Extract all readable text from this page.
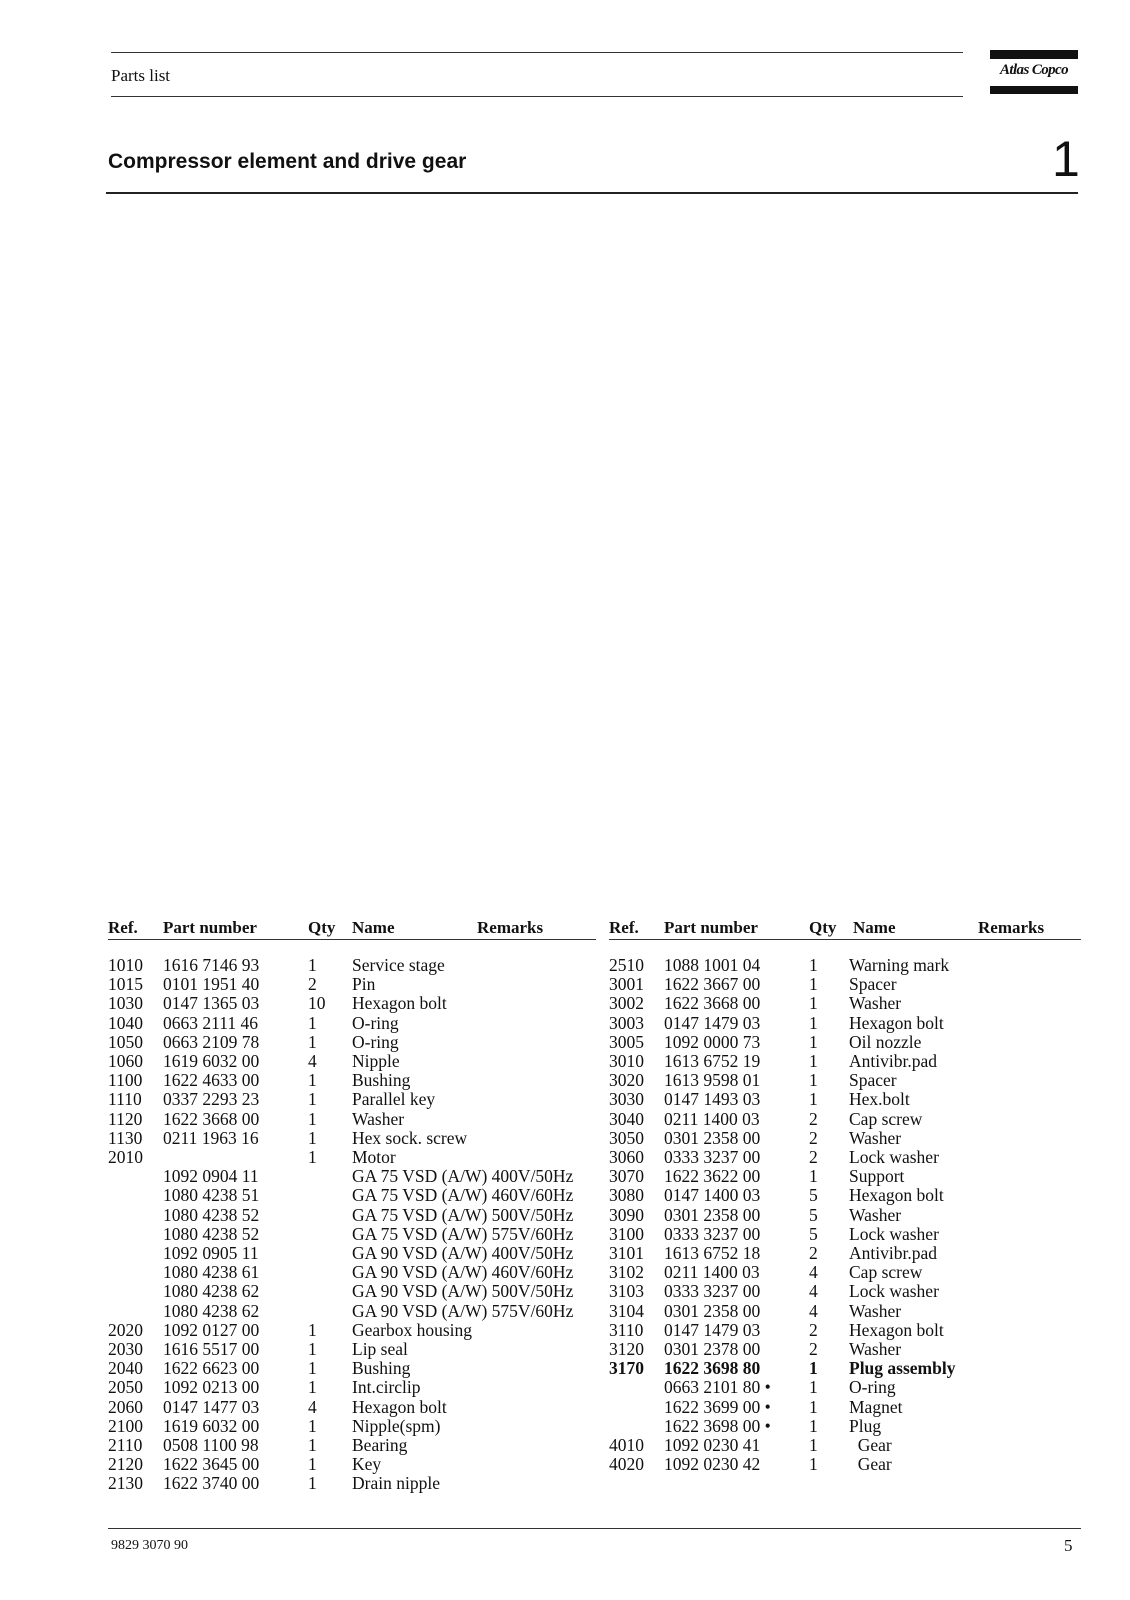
Parts list	Atlas Copco
Compressor element and drive gear	1
Ref. Part number	Qty Name	Remarks	Ref. Part number	Qty Name	Remarks
1010 1616 7146 93	1 Service stage
1015 0101 1951 40	2 Pin
1030 0147 1365 03	10 Hexagon bolt
1040 0663 2111 46	1 O-ring
1050 0663 2109 78	1 O-ring
1060 1619 6032 00	4 Nipple
1100 1622 4633 00	1 Bushing
1110 0337 2293 23	1 Parallel key
1120 1622 3668 00	1 Washer
1130 0211 1963 16	1 Hex sock. screw
2010	1 Motor
1092 0904 11	GA 75 VSD (A/W) 400V/50Hz
1080 4238 51	GA 75 VSD (A/W) 460V/60Hz
1080 4238 52	GA 75 VSD (A/W) 500V/50Hz
1080 4238 52	GA 75 VSD (A/W) 575V/60Hz
1092 0905 11	GA 90 VSD (A/W) 400V/50Hz
1080 4238 61	GA 90 VSD (A/W) 460V/60Hz
1080 4238 62	GA 90 VSD (A/W) 500V/50Hz
1080 4238 62	GA 90 VSD (A/W) 575V/60Hz
2020 1092 0127 00	1 Gearbox housing
2030 1616 5517 00	1 Lip seal
2040 1622 6623 00	1 Bushing
2050 1092 0213 00	1 Int.circlip
2060 0147 1477 03	4 Hexagon bolt
2100 1619 6032 00	1 Nipple(spm)
2110 0508 1100 98	1 Bearing
2120 1622 3645 00	1 Key
2130 1622 3740 00	1 Drain nipple
2510 1088 1001 04	1 Warning mark
3001 1622 3667 00	1 Spacer
3002 1622 3668 00	1 Washer
3003 0147 1479 03	1 Hexagon bolt
3005 1092 0000 73	1 Oil nozzle
3010 1613 6752 19	1 Antivibr.pad
3020 1613 9598 01	1 Spacer
3030 0147 1493 03	1 Hex.bolt
3040 0211 1400 03	2 Cap screw
3050 0301 2358 00	2 Washer
3060 0333 3237 00	2 Lock washer
3070 1622 3622 00	1 Support
3080 0147 1400 03	5 Hexagon bolt
3090 0301 2358 00	5 Washer
3100 0333 3237 00	5 Lock washer
3101 1613 6752 18	2 Antivibr.pad
3102 0211 1400 03	4 Cap screw
3103 0333 3237 00	4 Lock washer
3104 0301 2358 00	4 Washer
3110 0147 1479 03	2 Hexagon bolt
3120 0301 2378 00	2 Washer
3170 1622 3698 80	1 Plug assembly
0663 2101 80 • 1 O-ring
1622 3699 00 • 1 Magnet
1622 3698 00 • 1 Plug
4010 1092 0230 41	1 Gear
4020 1092 0230 42	1 Gear
9829 3070 90	5
